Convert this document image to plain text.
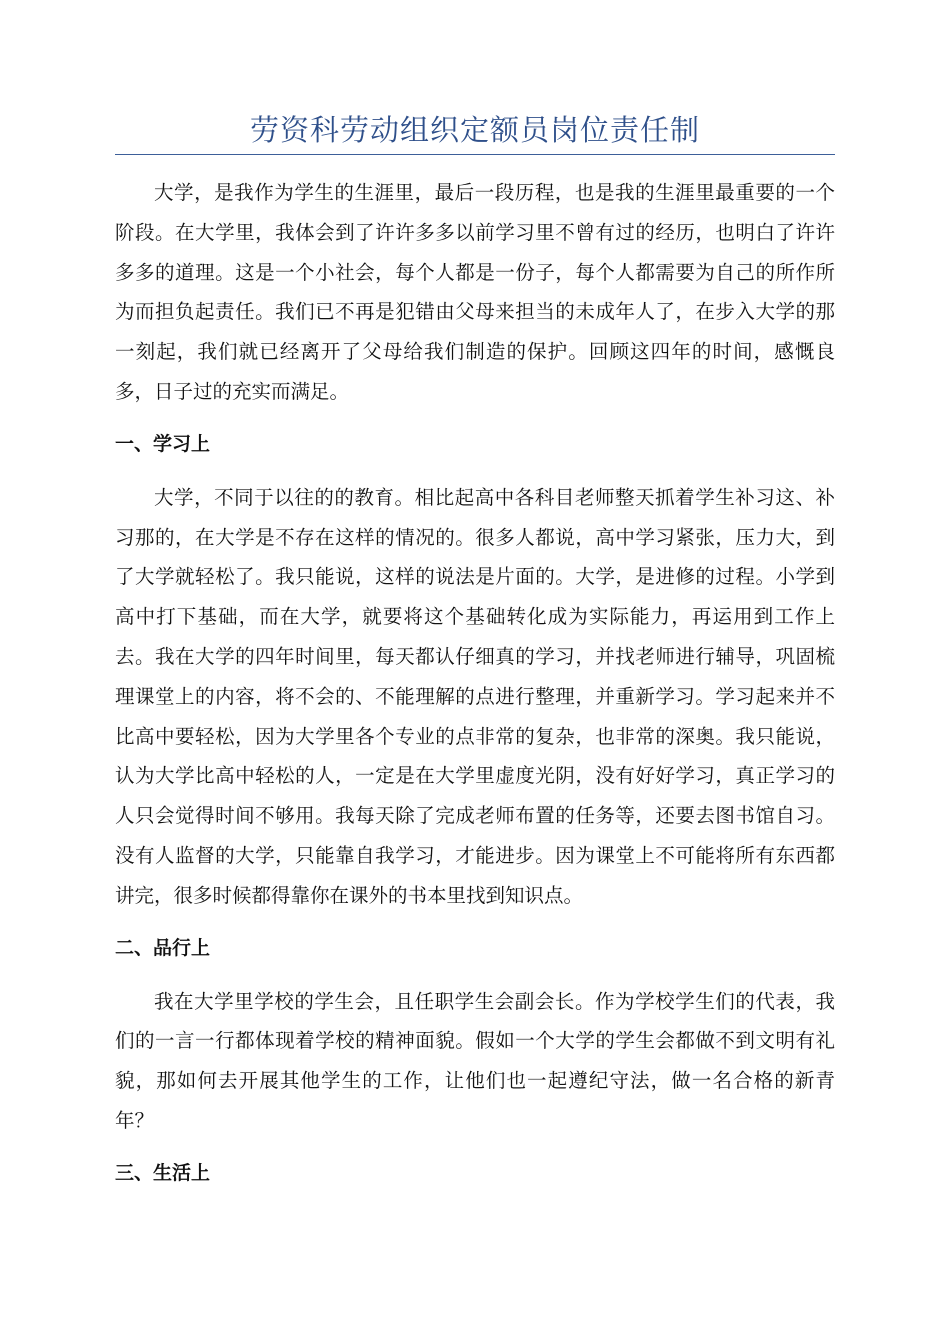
劳资科劳动组织定额员岗位责任制

大学，是我作为学生的生涯里，最后一段历程，也是我的生涯里最重要的一个阶段。在大学里，我体会到了许许多多以前学习里不曾有过的经历，也明白了许许多多的道理。这是一个小社会，每个人都是一份子，每个人都需要为自己的所作所为而担负起责任。我们已不再是犯错由父母来担当的未成年人了，在步入大学的那一刻起，我们就已经离开了父母给我们制造的保护。回顾这四年的时间，感慨良多，日子过的充实而满足。

一、学习上

大学，不同于以往的的教育。相比起高中各科目老师整天抓着学生补习这、补习那的，在大学是不存在这样的情况的。很多人都说，高中学习紧张，压力大，到了大学就轻松了。我只能说，这样的说法是片面的。大学，是进修的过程。小学到高中打下基础，而在大学，就要将这个基础转化成为实际能力，再运用到工作上去。我在大学的四年时间里，每天都认仔细真的学习，并找老师进行辅导，巩固梳理课堂上的内容，将不会的、不能理解的点进行整理，并重新学习。学习起来并不比高中要轻松，因为大学里各个专业的点非常的复杂，也非常的深奥。我只能说，认为大学比高中轻松的人，一定是在大学里虚度光阴，没有好好学习，真正学习的人只会觉得时间不够用。我每天除了完成老师布置的任务等，还要去图书馆自习。没有人监督的大学，只能靠自我学习，才能进步。因为课堂上不可能将所有东西都讲完，很多时候都得靠你在课外的书本里找到知识点。

二、品行上

我在大学里学校的学生会，且任职学生会副会长。作为学校学生们的代表，我们的一言一行都体现着学校的精神面貌。假如一个大学的学生会都做不到文明有礼貌，那如何去开展其他学生的工作，让他们也一起遵纪守法，做一名合格的新青年？

三、生活上
